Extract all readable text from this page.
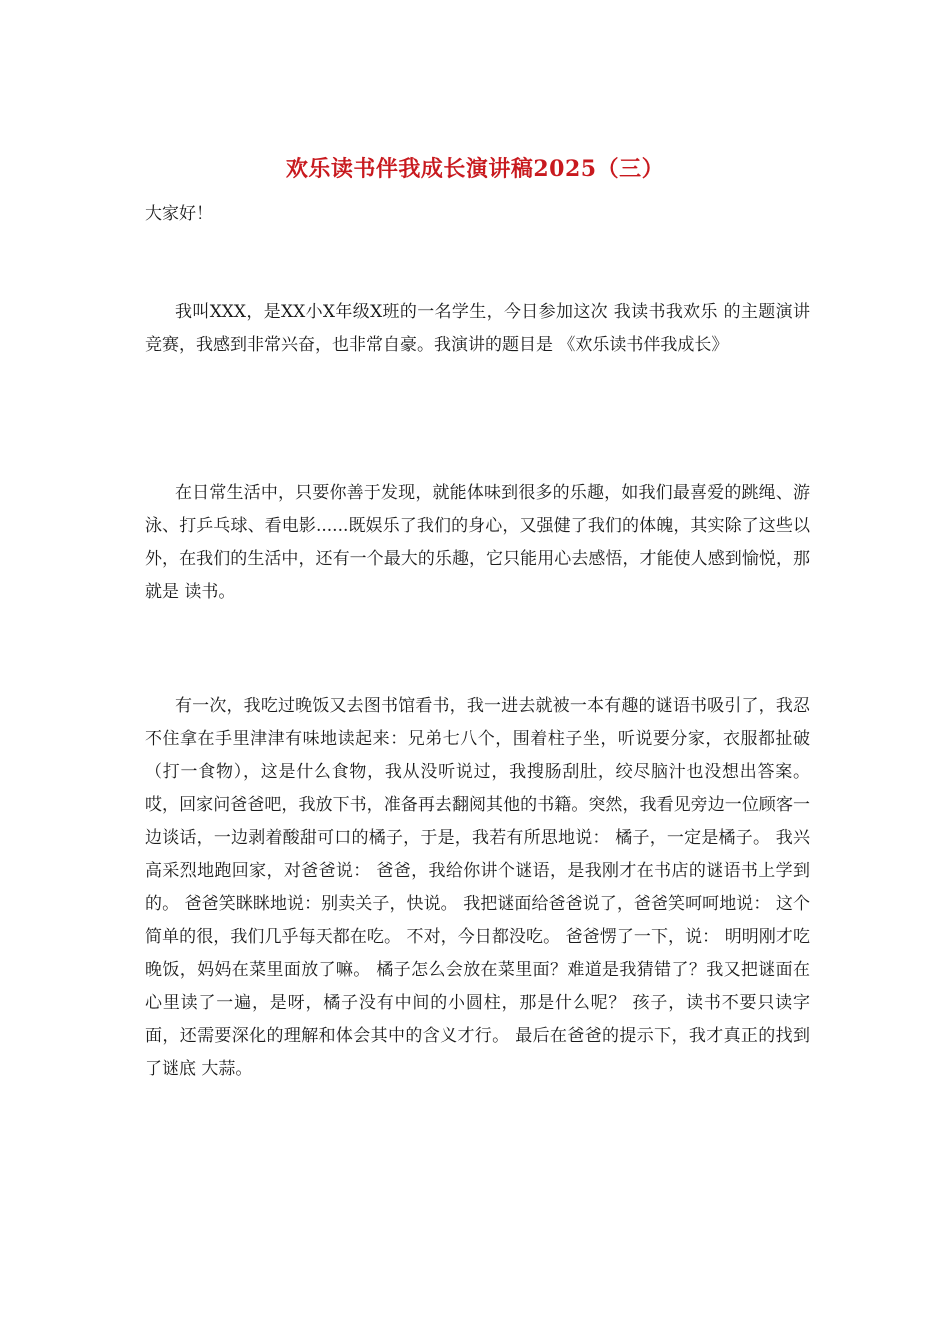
欢乐读书伴我成长演讲稿2025（三）
大家好！

我叫XXX，是XX小X年级X班的一名学生，今日参加这次 我读书我欢乐 的主题演讲竞赛，我感到非常兴奋，也非常自豪。我演讲的题目是 《欢乐读书伴我成长》

在日常生活中，只要你善于发现，就能体味到很多的乐趣，如我们最喜爱的跳绳、游泳、打乒乓球、看电影......既娱乐了我们的身心，又强健了我们的体魄，其实除了这些以外，在我们的生活中，还有一个最大的乐趣，它只能用心去感悟，才能使人感到愉悦，那就是 读书。

有一次，我吃过晚饭又去图书馆看书，我一进去就被一本有趣的谜语书吸引了，我忍不住拿在手里津津有味地读起来：兄弟七八个，围着柱子坐，听说要分家，衣服都扯破（打一食物），这是什么食物，我从没听说过，我搜肠刮肚，绞尽脑汁也没想出答案。哎，回家问爸爸吧，我放下书，准备再去翻阅其他的书籍。突然，我看见旁边一位顾客一边谈话，一边剥着酸甜可口的橘子，于是，我若有所思地说： 橘子，一定是橘子。 我兴高采烈地跑回家，对爸爸说： 爸爸，我给你讲个谜语，是我刚才在书店的谜语书上学到的。 爸爸笑眯眯地说：别卖关子，快说。 我把谜面给爸爸说了，爸爸笑呵呵地说： 这个简单的很，我们几乎每天都在吃。 不对，今日都没吃。 爸爸愣了一下，说： 明明刚才吃晚饭，妈妈在菜里面放了嘛。 橘子怎么会放在菜里面？难道是我猜错了？我又把谜面在心里读了一遍，是呀，橘子没有中间的小圆柱，那是什么呢？ 孩子，读书不要只读字面，还需要深化的理解和体会其中的含义才行。 最后在爸爸的提示下，我才真正的找到了谜底 大蒜。
